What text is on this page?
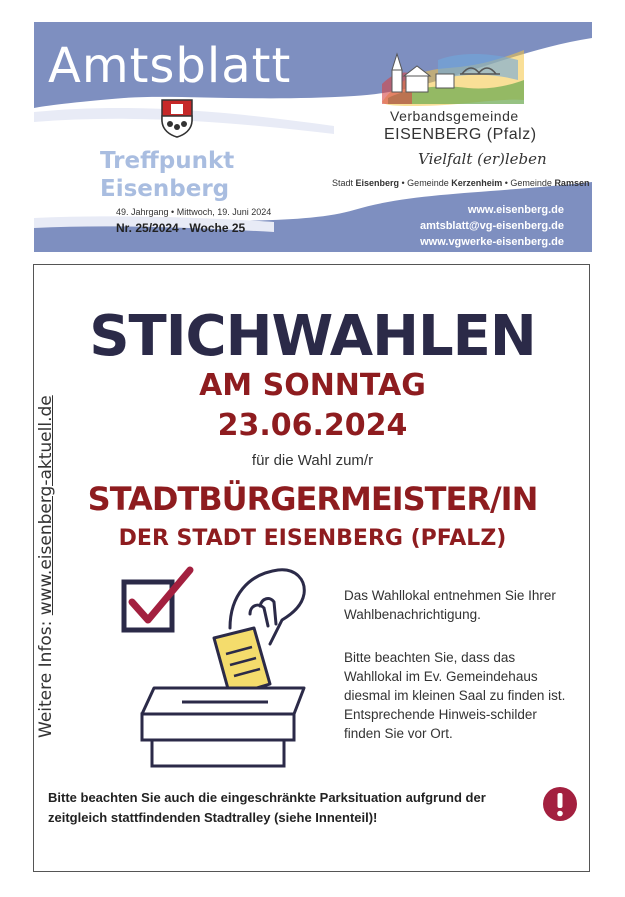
Amtsblatt
Treffpunkt
Eisenberg
49. Jahrgang • Mittwoch, 19. Juni 2024
Nr. 25/2024 - Woche 25
Verbandsgemeinde
EISENBERG (Pfalz)
Vielfalt (er)leben
Stadt Eisenberg • Gemeinde Kerzenheim • Gemeinde Ramsen
www.eisenberg.de
amtsblatt@vg-eisenberg.de
www.vgwerke-eisenberg.de
Weitere Infos: www.eisenberg-aktuell.de
STICHWAHLEN
AM SONNTAG
23.06.2024
für die Wahl zum/r
STADTBÜRGERMEISTER/IN
DER STADT EISENBERG (PFALZ)
Das Wahllokal entnehmen Sie Ihrer Wahlbenachrichtigung.
Bitte beachten Sie, dass das Wahllokal im Ev. Gemeindehaus diesmal im kleinen Saal zu finden ist. Entsprechende Hinweis-schilder finden Sie vor Ort.
Bitte beachten Sie auch die eingeschränkte Parksituation aufgrund der zeitgleich stattfindenden Stadtralley (siehe Innenteil)!
